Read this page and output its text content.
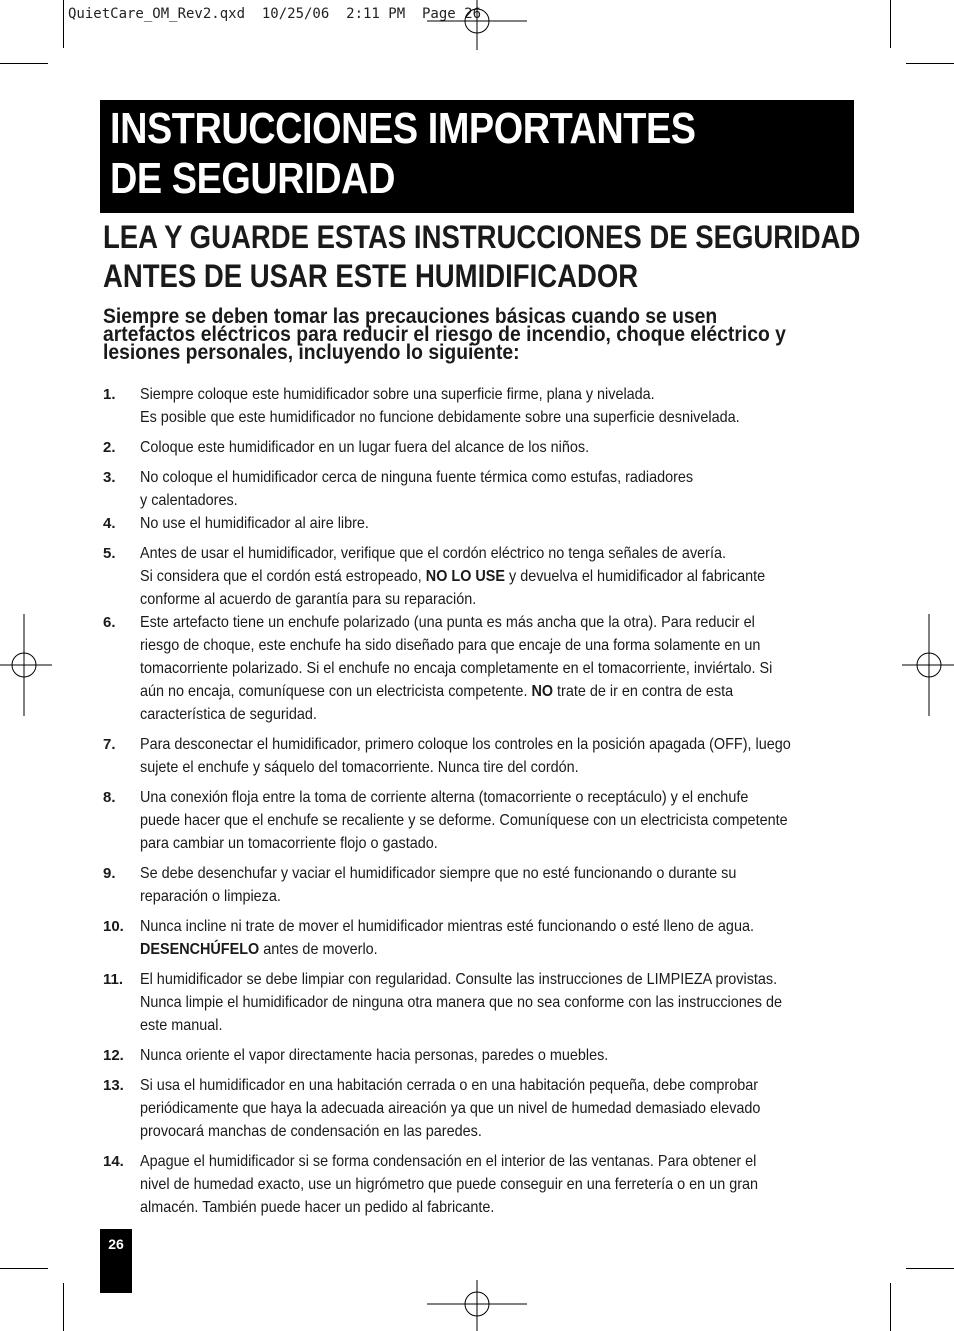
QuietCare_OM_Rev2.qxd  10/25/06  2:11 PM  Page 26
INSTRUCCIONES IMPORTANTES
DE SEGURIDAD
LEA Y GUARDE ESTAS INSTRUCCIONES DE SEGURIDAD
ANTES DE USAR ESTE HUMIDIFICADOR
Siempre se deben tomar las precauciones básicas cuando se usen
artefactos eléctricos para reducir el riesgo de incendio, choque eléctrico y
lesiones personales, incluyendo lo siguiente:
1. Siempre coloque este humidificador sobre una superficie firme, plana y nivelada.
Es posible que este humidificador no funcione debidamente sobre una superficie desnivelada.
2. Coloque este humidificador en un lugar fuera del alcance de los niños.
3. No coloque el humidificador cerca de ninguna fuente térmica como estufas, radiadores
y calentadores.
4. No use el humidificador al aire libre.
5. Antes de usar el humidificador, verifique que el cordón eléctrico no tenga señales de avería.
Si considera que el cordón está estropeado, NO LO USE y devuelva el humidificador al fabricante
conforme al acuerdo de garantía para su reparación.
6. Este artefacto tiene un enchufe polarizado (una punta es más ancha que la otra). Para reducir el
riesgo de choque, este enchufe ha sido diseñado para que encaje de una forma solamente en un
tomacorriente polarizado. Si el enchufe no encaja completamente en el tomacorriente, inviértalo. Si
aún no encaja, comuníquese con un electricista competente. NO trate de ir en contra de esta
característica de seguridad.
7. Para desconectar el humidificador, primero coloque los controles en la posición apagada (OFF), luego
sujete el enchufe y sáquelo del tomacorriente. Nunca tire del cordón.
8. Una conexión floja entre la toma de corriente alterna (tomacorriente o receptáculo) y el enchufe
puede hacer que el enchufe se recaliente y se deforme. Comuníquese con un electricista competente
para cambiar un tomacorriente flojo o gastado.
9. Se debe desenchufar y vaciar el humidificador siempre que no esté funcionando o durante su
reparación o limpieza.
10. Nunca incline ni trate de mover el humidificador mientras esté funcionando o esté lleno de agua.
DESENCHÚFELO antes de moverlo.
11. El humidificador se debe limpiar con regularidad. Consulte las instrucciones de LIMPIEZA provistas.
Nunca limpie el humidificador de ninguna otra manera que no sea conforme con las instrucciones de
este manual.
12. Nunca oriente el vapor directamente hacia personas, paredes o muebles.
13. Si usa el humidificador en una habitación cerrada o en una habitación pequeña, debe comprobar
periódicamente que haya la adecuada aireación ya que un nivel de humedad demasiado elevado
provocará manchas de condensación en las paredes.
14. Apague el humidificador si se forma condensación en el interior de las ventanas. Para obtener el
nivel de humedad exacto, use un higrómetro que puede conseguir en una ferretería o en un gran
almacén. También puede hacer un pedido al fabricante.
26
